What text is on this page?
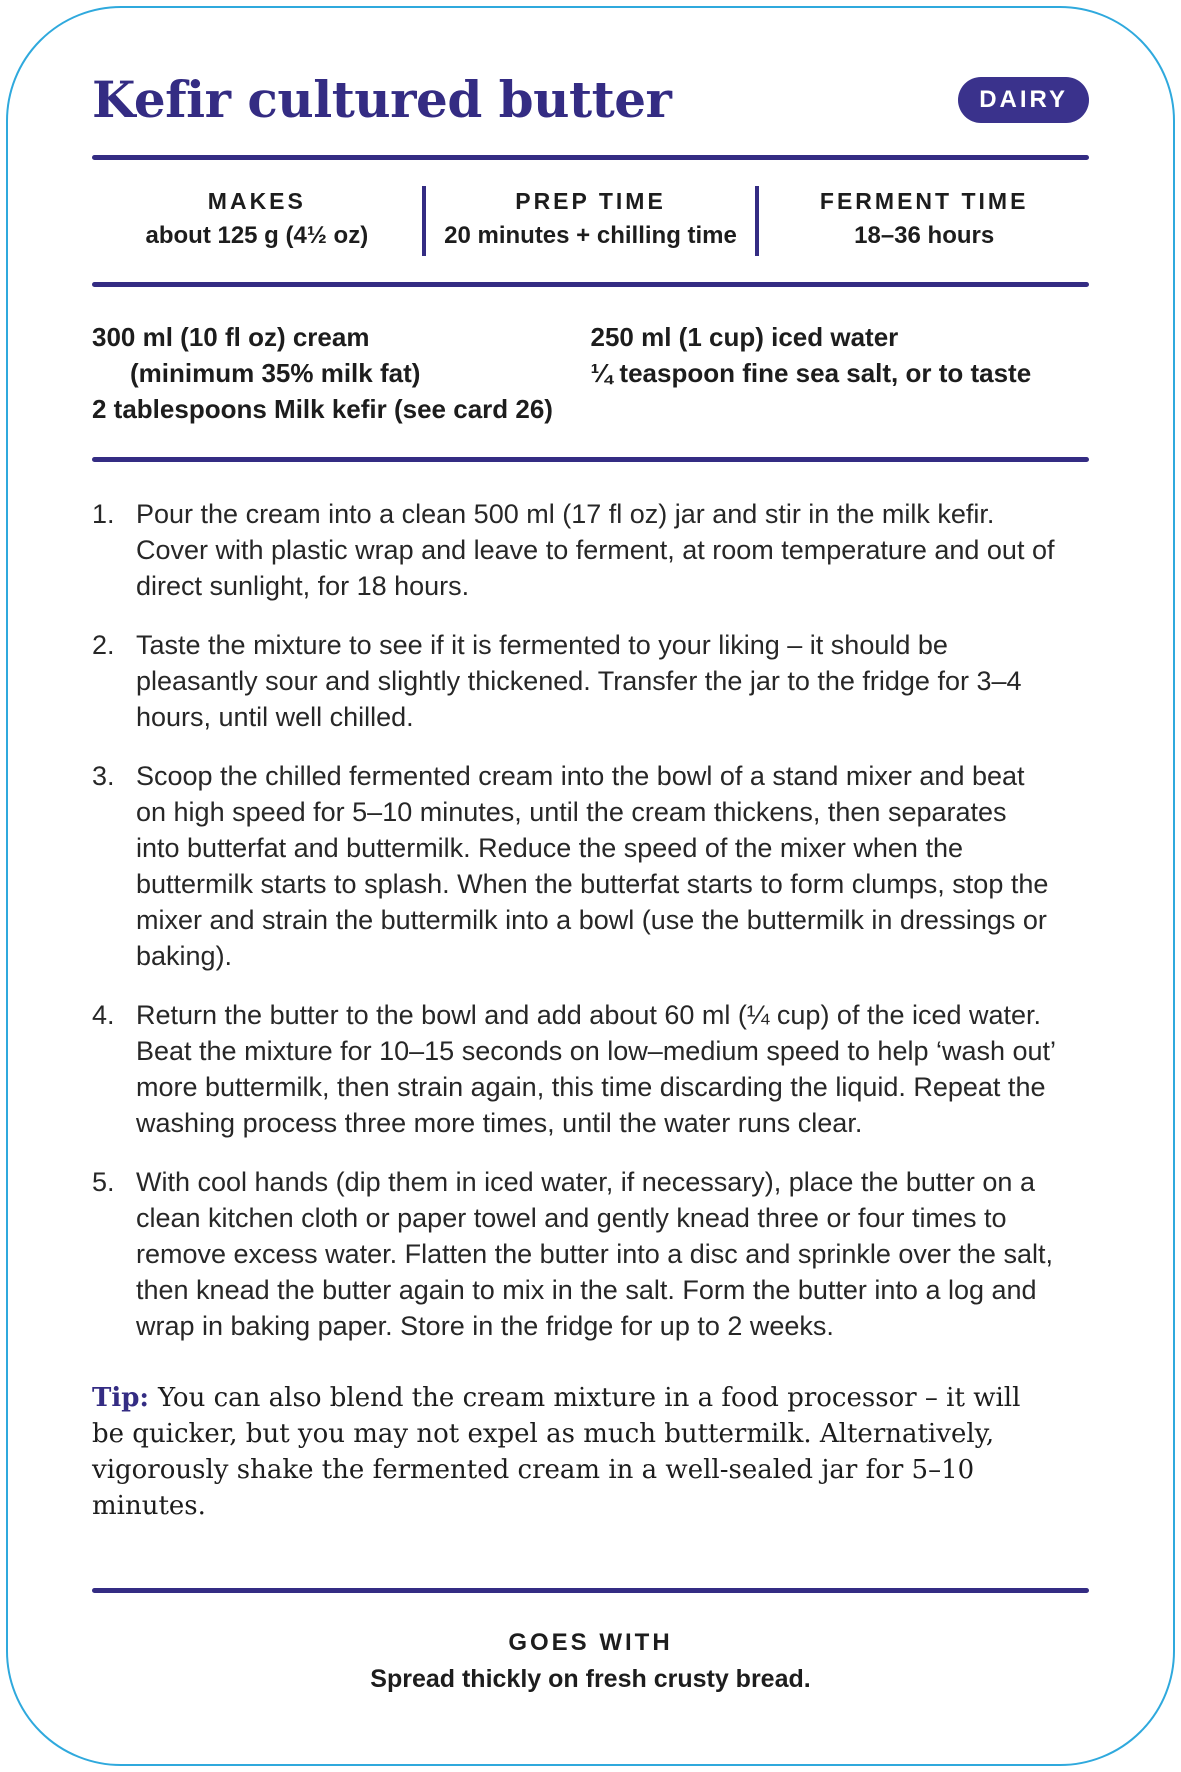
Kefir cultured butter	DAIRY
MAKES
about 125 g (4½ oz)
PREP TIME
20 minutes + chilling time
FERMENT TIME
18–36 hours
300 ml (10 fl oz) cream
(minimum 35% milk fat)
2 tablespoons Milk kefir (see card 26)
250 ml (1 cup) iced water
¼ teaspoon fine sea salt, or to taste
1. Pour the cream into a clean 500 ml (17 fl oz) jar and stir in the milk kefir. Cover with plastic wrap and leave to ferment, at room temperature and out of direct sunlight, for 18 hours.
2. Taste the mixture to see if it is fermented to your liking – it should be pleasantly sour and slightly thickened. Transfer the jar to the fridge for 3–4 hours, until well chilled.
3. Scoop the chilled fermented cream into the bowl of a stand mixer and beat on high speed for 5–10 minutes, until the cream thickens, then separates into butterfat and buttermilk. Reduce the speed of the mixer when the buttermilk starts to splash. When the butterfat starts to form clumps, stop the mixer and strain the buttermilk into a bowl (use the buttermilk in dressings or baking).
4. Return the butter to the bowl and add about 60 ml (¼ cup) of the iced water. Beat the mixture for 10–15 seconds on low–medium speed to help ‘wash out’ more buttermilk, then strain again, this time discarding the liquid. Repeat the washing process three more times, until the water runs clear.
5. With cool hands (dip them in iced water, if necessary), place the butter on a clean kitchen cloth or paper towel and gently knead three or four times to remove excess water. Flatten the butter into a disc and sprinkle over the salt, then knead the butter again to mix in the salt. Form the butter into a log and wrap in baking paper. Store in the fridge for up to 2 weeks.

Tip: You can also blend the cream mixture in a food processor – it will be quicker, but you may not expel as much buttermilk. Alternatively, vigorously shake the fermented cream in a well-sealed jar for 5–10 minutes.

GOES WITH
Spread thickly on fresh crusty bread.
